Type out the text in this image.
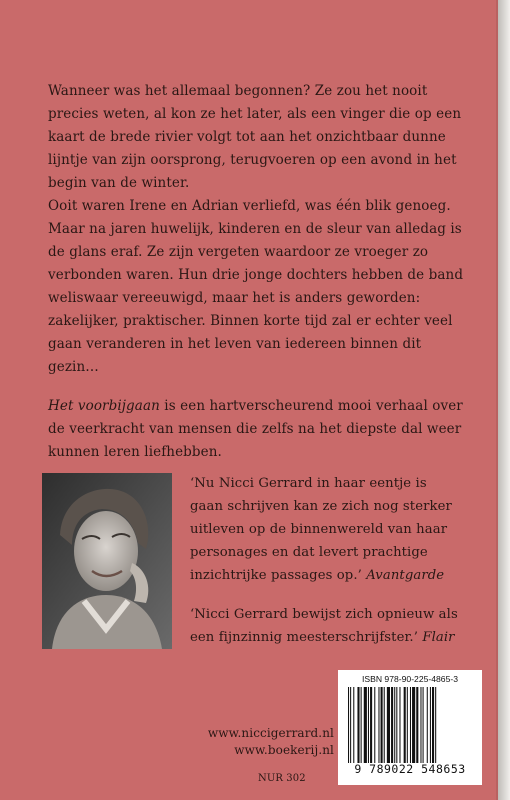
Wanneer was het allemaal begonnen? Ze zou het nooit precies weten, al kon ze het later, als een vinger die op een kaart de brede rivier volgt tot aan het onzichtbaar dunne lijntje van zijn oorsprong, terugvoeren op een avond in het begin van de winter.

Ooit waren Irene en Adrian verliefd, was één blik genoeg. Maar na jaren huwelijk, kinderen en de sleur van alledag is de glans eraf. Ze zijn vergeten waardoor ze vroeger zo verbonden waren. Hun drie jonge dochters hebben de band weliswaar vereeuwigd, maar het is anders geworden: zakelijker, praktischer. Binnen korte tijd zal er echter veel gaan veranderen in het leven van iedereen binnen dit gezin…

Het voorbijgaan is een hartverscheurend mooi verhaal over de veerkracht van mensen die zelfs na het diepste dal weer kunnen leren liefhebben.

‘Nu Nicci Gerrard in haar eentje is gaan schrijven kan ze zich nog sterker uitleven op de binnenwereld van haar personages en dat levert prachtige inzichtrijke passages op.’ Avantgarde

‘Nicci Gerrard bewijst zich opnieuw als een fijnzinnig meesterschrijfster.’ Flair

www.niccigerrard.nl
www.boekerij.nl
NUR 302
ISBN 978-90-225-4865-3
9 789022 548653
